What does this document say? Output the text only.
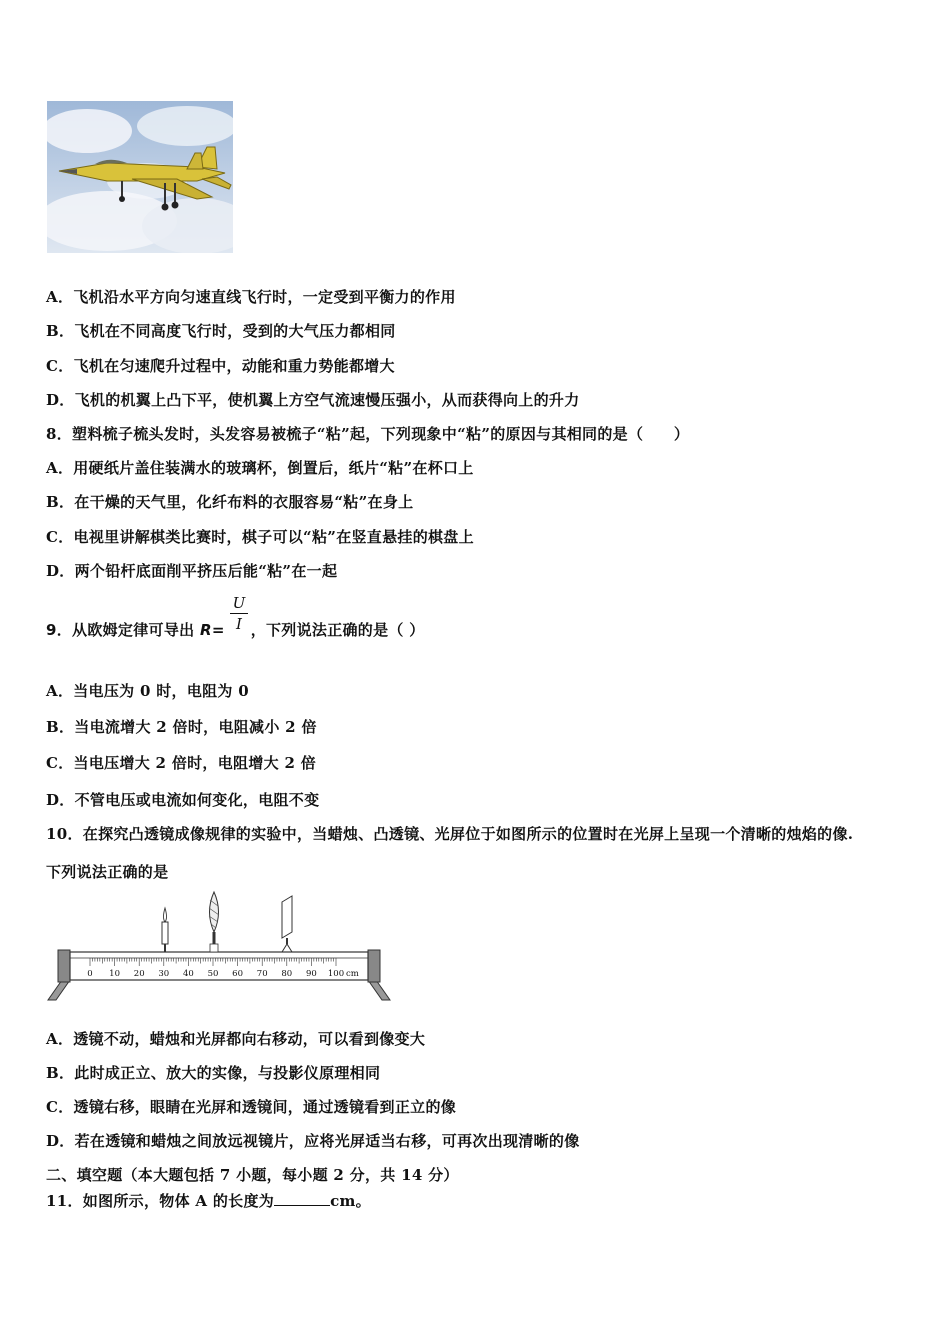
A．飞机沿水平方向匀速直线飞行时，一定受到平衡力的作用
B．飞机在不同高度飞行时，受到的大气压力都相同
C．飞机在匀速爬升过程中，动能和重力势能都增大
D．飞机的机翼上凸下平，使机翼上方空气流速慢压强小，从而获得向上的升力
8．塑料梳子梳头发时，头发容易被梳子“粘”起，下列现象中“粘”的原因与其相同的是（　　）
A．用硬纸片盖住装满水的玻璃杯，倒置后，纸片“粘”在杯口上
B．在干燥的天气里，化纤布料的衣服容易“粘”在身上
C．电视里讲解棋类比赛时，棋子可以“粘”在竖直悬挂的棋盘上
D．两个铅杆底面削平挤压后能“粘”在一起
9．从欧姆定律可导出 R= ，下列说法正确的是（ ）
U
I
A．当电压为 0 时，电阻为 0
B．当电流增大 2 倍时，电阻减小 2 倍
C．当电压增大 2 倍时，电阻增大 2 倍
D．不管电压或电流如何变化，电阻不变
10．在探究凸透镜成像规律的实验中，当蜡烛、凸透镜、光屏位于如图所示的位置时在光屏上呈现一个清晰的烛焰的像.
下列说法正确的是
0 10 20 30 40 50 60 70 80 90 100 cm
A．透镜不动，蜡烛和光屏都向右移动，可以看到像变大
B．此时成正立、放大的实像，与投影仪原理相同
C．透镜右移，眼睛在光屏和透镜间，通过透镜看到正立的像
D．若在透镜和蜡烛之间放远视镜片，应将光屏适当右移，可再次出现清晰的像
二、填空题（本大题包括 7 小题，每小题 2 分，共 14 分）
11．如图所示，物体 A 的长度为	cm。
